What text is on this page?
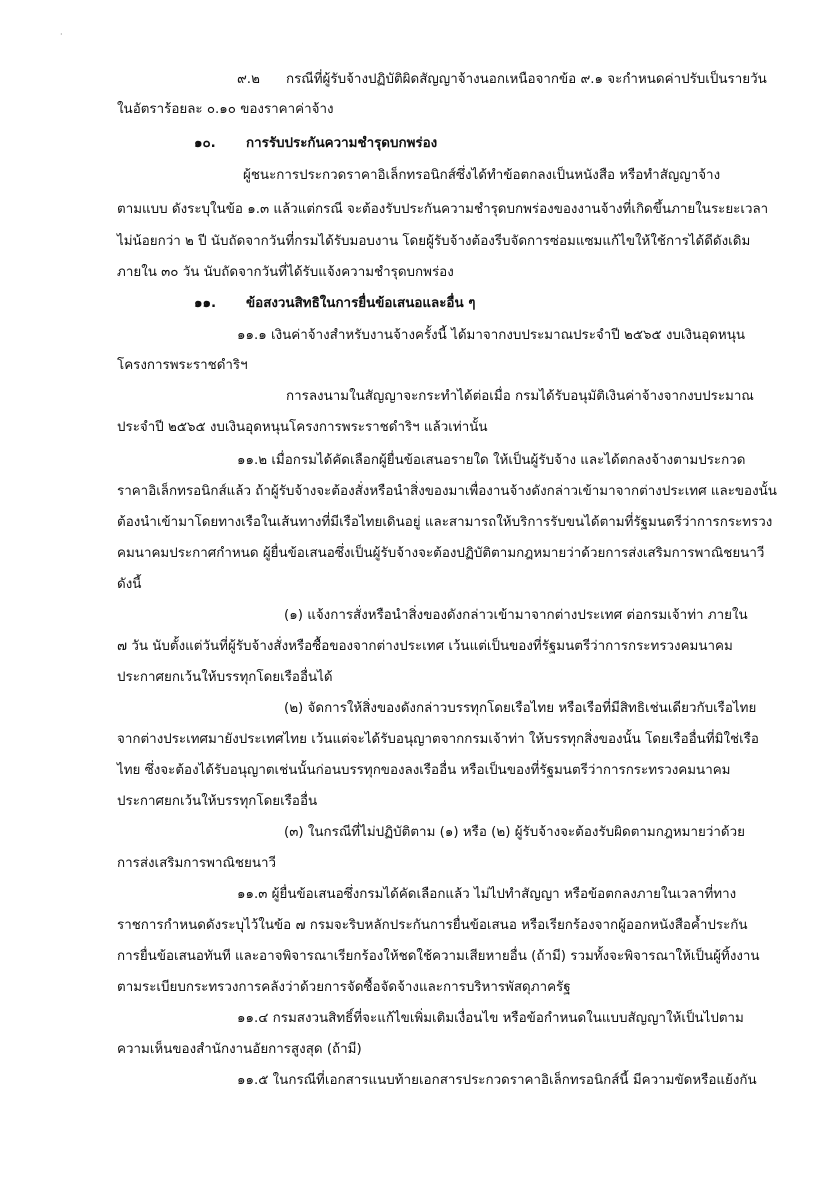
·
๙.๒ กรณีที่ผู้รับจ้างปฏิบัติผิดสัญญาจ้างนอกเหนือจากข้อ ๙.๑ จะกำหนดค่าปรับเป็นรายวัน
ในอัตราร้อยละ ๐.๑๐ ของราคาค่าจ้าง
๑๐. การรับประกันความชำรุดบกพร่อง
ผู้ชนะการประกวดราคาอิเล็กทรอนิกส์ซึ่งได้ทำข้อตกลงเป็นหนังสือ หรือทำสัญญาจ้าง
ตามแบบ ดังระบุในข้อ ๑.๓ แล้วแต่กรณี จะต้องรับประกันความชำรุดบกพร่องของงานจ้างที่เกิดขึ้นภายในระยะเวลา
ไม่น้อยกว่า ๒ ปี นับถัดจากวันที่กรมได้รับมอบงาน โดยผู้รับจ้างต้องรีบจัดการซ่อมแซมแก้ไขให้ใช้การได้ดีดังเดิม
ภายใน ๓๐ วัน นับถัดจากวันที่ได้รับแจ้งความชำรุดบกพร่อง
๑๑. ข้อสงวนสิทธิในการยื่นข้อเสนอและอื่น ๆ
๑๑.๑ เงินค่าจ้างสำหรับงานจ้างครั้งนี้ ได้มาจากงบประมาณประจำปี ๒๕๖๕ งบเงินอุดหนุน
โครงการพระราชดำริฯ
การลงนามในสัญญาจะกระทำได้ต่อเมื่อ กรมได้รับอนุมัติเงินค่าจ้างจากงบประมาณ
ประจำปี ๒๕๖๕ งบเงินอุดหนุนโครงการพระราชดำริฯ แล้วเท่านั้น
๑๑.๒ เมื่อกรมได้คัดเลือกผู้ยื่นข้อเสนอรายใด ให้เป็นผู้รับจ้าง และได้ตกลงจ้างตามประกวด
ราคาอิเล็กทรอนิกส์แล้ว ถ้าผู้รับจ้างจะต้องสั่งหรือนำสิ่งของมาเพื่องานจ้างดังกล่าวเข้ามาจากต่างประเทศ และของนั้น
ต้องนำเข้ามาโดยทางเรือในเส้นทางที่มีเรือไทยเดินอยู่ และสามารถให้บริการรับขนได้ตามที่รัฐมนตรีว่าการกระทรวง
คมนาคมประกาศกำหนด ผู้ยื่นข้อเสนอซึ่งเป็นผู้รับจ้างจะต้องปฏิบัติตามกฎหมายว่าด้วยการส่งเสริมการพาณิชยนาวี
ดังนี้
(๑) แจ้งการสั่งหรือนำสิ่งของดังกล่าวเข้ามาจากต่างประเทศ ต่อกรมเจ้าท่า ภายใน
๗ วัน นับตั้งแต่วันที่ผู้รับจ้างสั่งหรือซื้อของจากต่างประเทศ เว้นแต่เป็นของที่รัฐมนตรีว่าการกระทรวงคมนาคม
ประกาศยกเว้นให้บรรทุกโดยเรืออื่นได้
(๒) จัดการให้สิ่งของดังกล่าวบรรทุกโดยเรือไทย หรือเรือที่มีสิทธิเช่นเดียวกับเรือไทย
จากต่างประเทศมายังประเทศไทย เว้นแต่จะได้รับอนุญาตจากกรมเจ้าท่า ให้บรรทุกสิ่งของนั้น โดยเรืออื่นที่มิใช่เรือ
ไทย ซึ่งจะต้องได้รับอนุญาตเช่นนั้นก่อนบรรทุกของลงเรืออื่น หรือเป็นของที่รัฐมนตรีว่าการกระทรวงคมนาคม
ประกาศยกเว้นให้บรรทุกโดยเรืออื่น
(๓) ในกรณีที่ไม่ปฏิบัติตาม (๑) หรือ (๒) ผู้รับจ้างจะต้องรับผิดตามกฎหมายว่าด้วย
การส่งเสริมการพาณิชยนาวี
๑๑.๓ ผู้ยื่นข้อเสนอซึ่งกรมได้คัดเลือกแล้ว ไม่ไปทำสัญญา หรือข้อตกลงภายในเวลาที่ทาง
ราชการกำหนดดังระบุไว้ในข้อ ๗ กรมจะริบหลักประกันการยื่นข้อเสนอ หรือเรียกร้องจากผู้ออกหนังสือค้ำประกัน
การยื่นข้อเสนอทันที และอาจพิจารณาเรียกร้องให้ชดใช้ความเสียหายอื่น (ถ้ามี) รวมทั้งจะพิจารณาให้เป็นผู้ทิ้งงาน
ตามระเบียบกระทรวงการคลังว่าด้วยการจัดซื้อจัดจ้างและการบริหารพัสดุภาครัฐ
๑๑.๔ กรมสงวนสิทธิ์ที่จะแก้ไขเพิ่มเติมเงื่อนไข หรือข้อกำหนดในแบบสัญญาให้เป็นไปตาม
ความเห็นของสำนักงานอัยการสูงสุด (ถ้ามี)
๑๑.๕ ในกรณีที่เอกสารแนบท้ายเอกสารประกวดราคาอิเล็กทรอนิกส์นี้ มีความขัดหรือแย้งกัน
